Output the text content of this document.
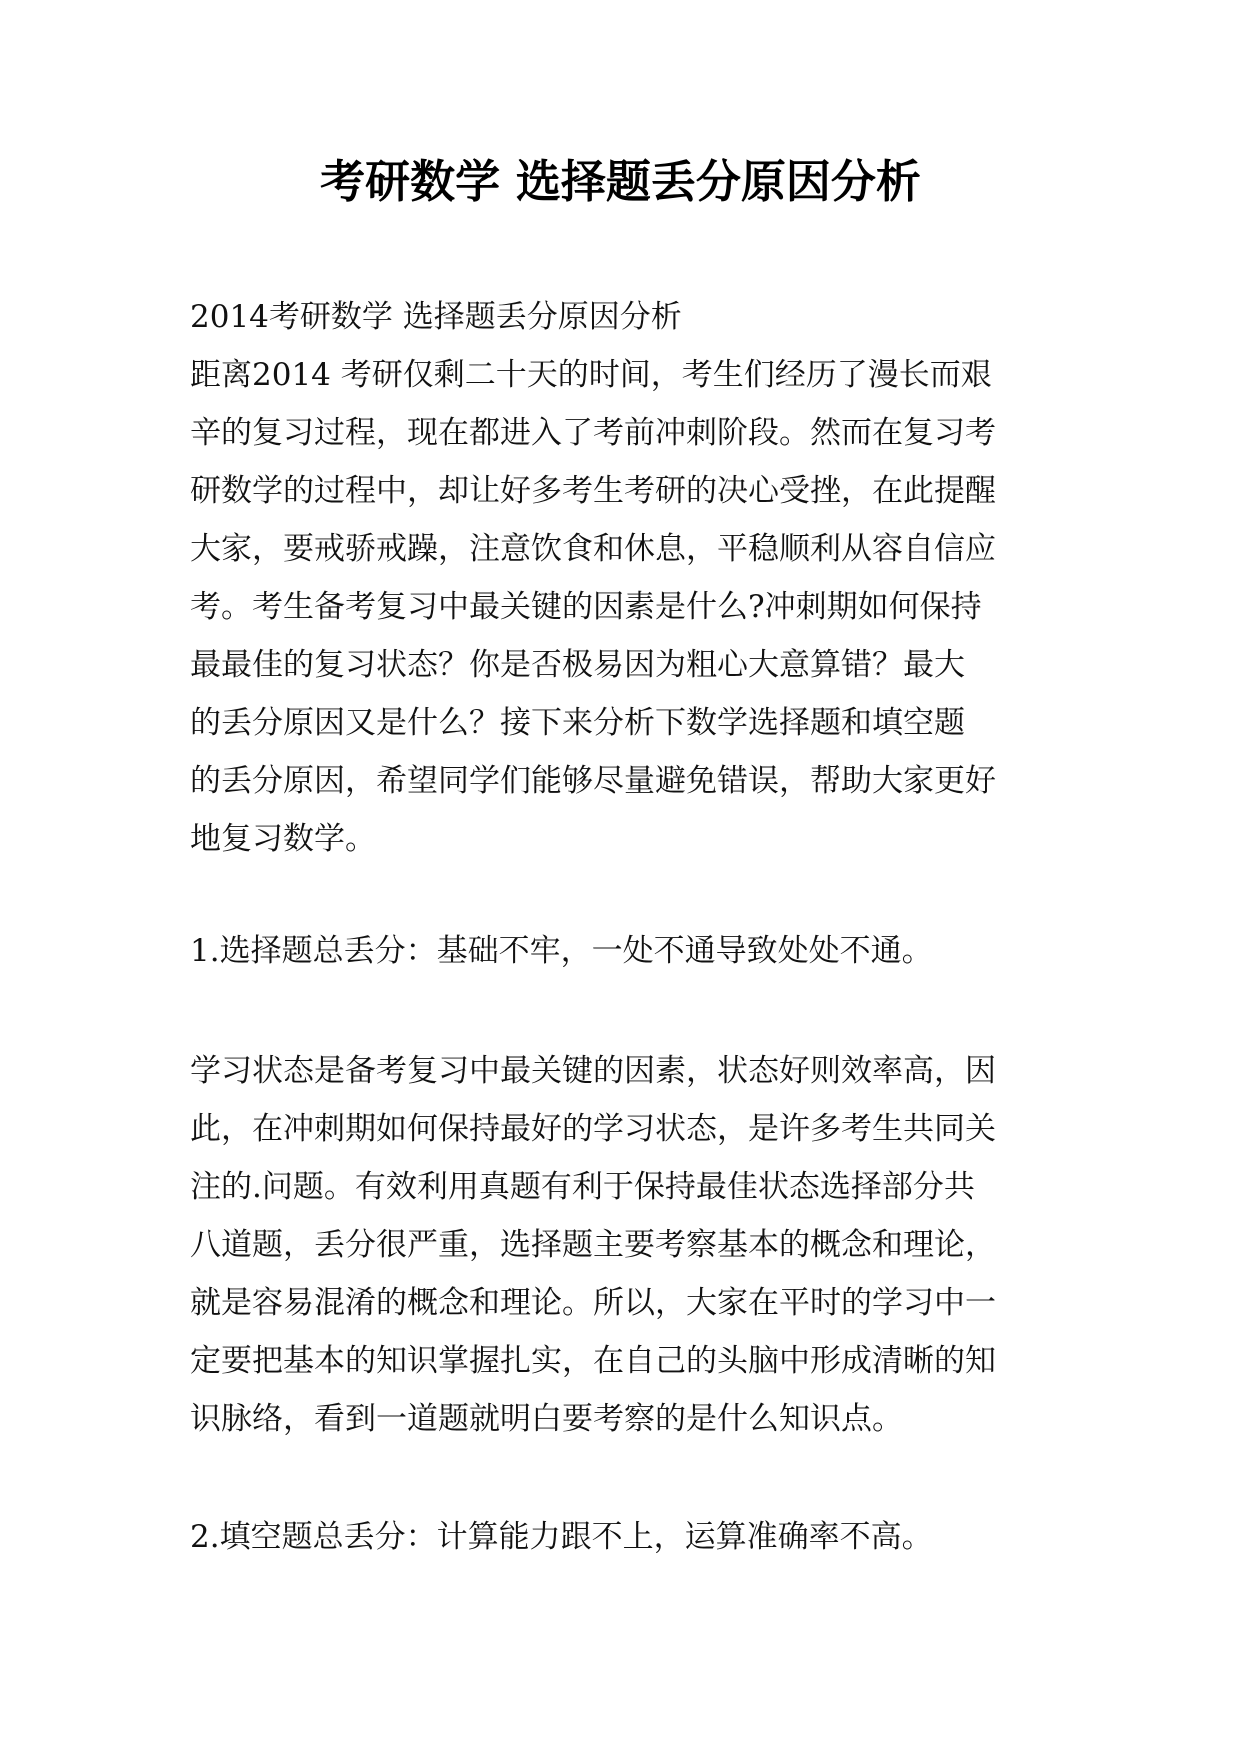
考研数学 选择题丢分原因分析
2014考研数学 选择题丢分原因分析
距离2014 考研仅剩二十天的时间，考生们经历了漫长而艰
辛的复习过程，现在都进入了考前冲刺阶段。然而在复习考
研数学的过程中，却让好多考生考研的决心受挫，在此提醒
大家，要戒骄戒躁，注意饮食和休息，平稳顺利从容自信应
考。考生备考复习中最关键的因素是什么?冲刺期如何保持
最最佳的复习状态？你是否极易因为粗心大意算错？最大
的丢分原因又是什么？接下来分析下数学选择题和填空题
的丢分原因，希望同学们能够尽量避免错误，帮助大家更好
地复习数学。
1.选择题总丢分：基础不牢，一处不通导致处处不通。
学习状态是备考复习中最关键的因素，状态好则效率高，因
此，在冲刺期如何保持最好的学习状态，是许多考生共同关
注的.问题。有效利用真题有利于保持最佳状态选择部分共
八道题，丢分很严重，选择题主要考察基本的概念和理论，
就是容易混淆的概念和理论。所以，大家在平时的学习中一
定要把基本的知识掌握扎实，在自己的头脑中形成清晰的知
识脉络，看到一道题就明白要考察的是什么知识点。
2.填空题总丢分：计算能力跟不上，运算准确率不高。
